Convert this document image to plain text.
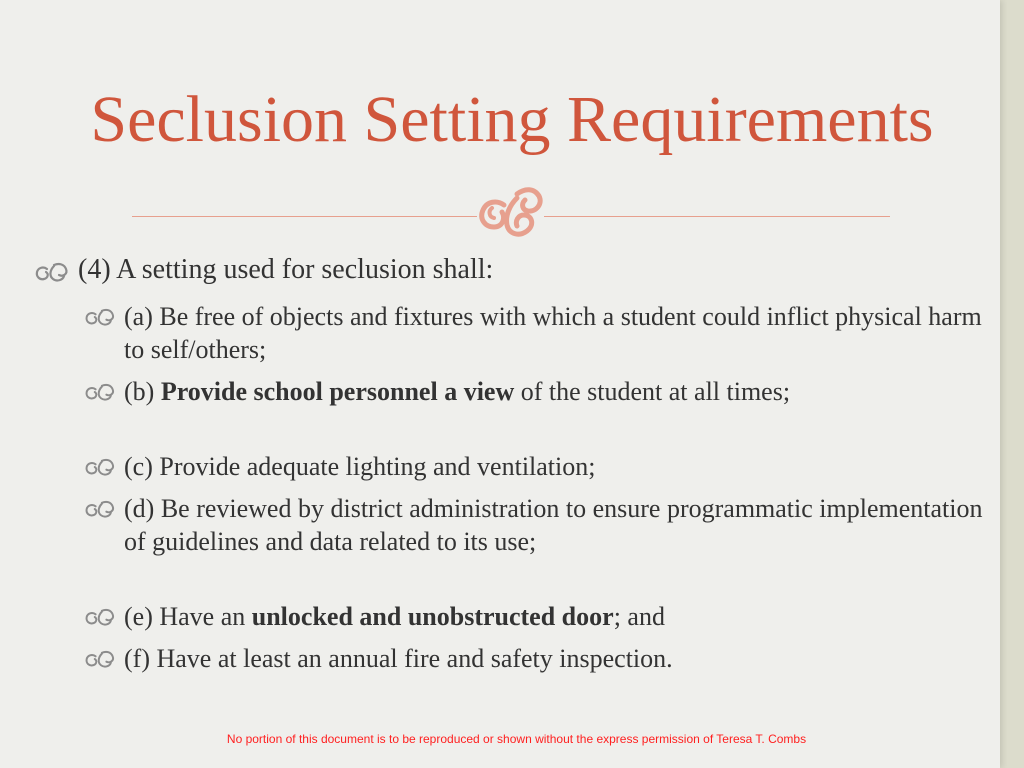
Seclusion Setting Requirements
(4) A setting used for seclusion shall:
(a) Be free of objects and fixtures with which a student could inflict physical harm to self/others;
(b) Provide school personnel a view of the student at all times;
(c) Provide adequate lighting and ventilation;
(d) Be reviewed by district administration to ensure programmatic implementation of guidelines and data related to its use;
(e) Have an unlocked and unobstructed door; and
(f) Have at least an annual fire and safety inspection.
No portion of this document is to be reproduced or shown without the express permission of Teresa T. Combs
